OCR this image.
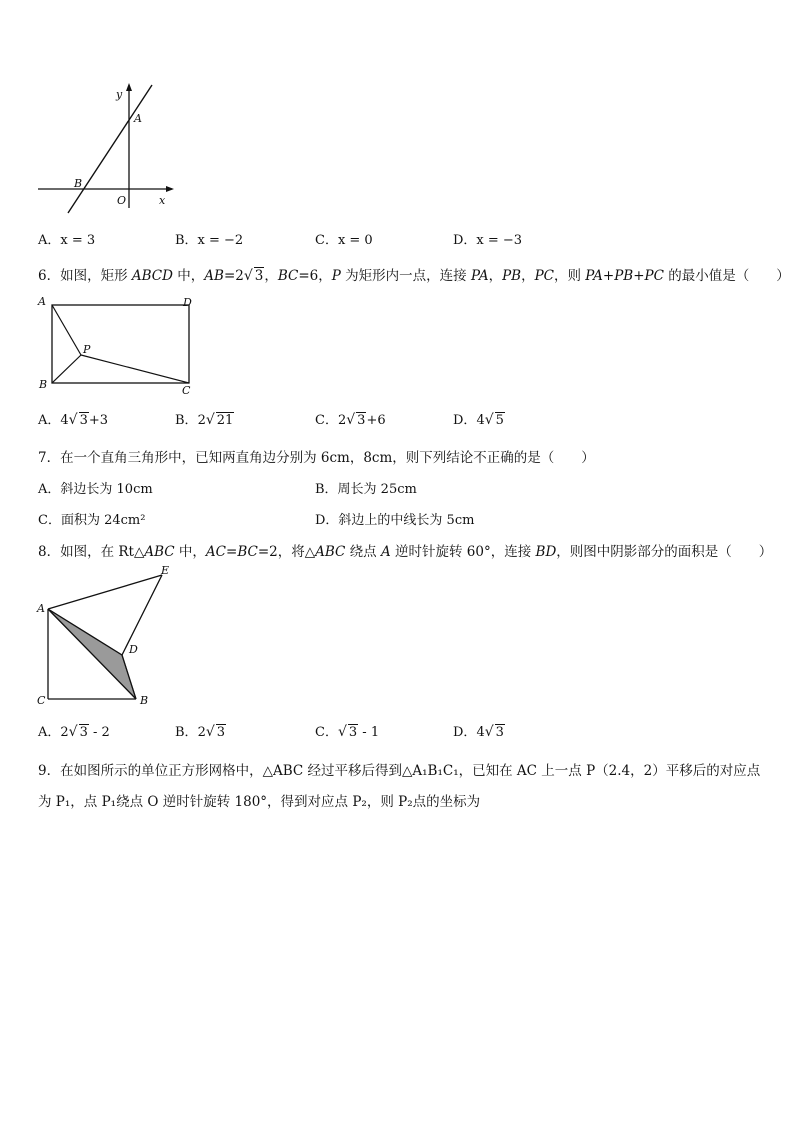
y
A
B
O	x
A．x = 3	B．x = −2	C．x = 0	D．x = −3
6．如图，矩形 ABCD 中，AB=2√ 3，BC=6，P 为矩形内一点，连接 PA，PB，PC，则 PA+PB+PC 的最小值是（　　）
A	D
P
B	C
A．4√ 3+3	B．2√ 21	C．2√ 3+6	D．4√ 5
7．在一个直角三角形中，已知两直角边分别为 6cm，8cm，则下列结论不正确的是（　　）
A．斜边长为 10cm	B．周长为 25cm
C．面积为 24cm²	D．斜边上的中线长为 5cm
8．如图，在 Rt△ABC 中，AC=BC=2，将△ABC 绕点 A 逆时针旋转 60°，连接 BD，则图中阴影部分的面积是（　　）
E
A
D
C	B
A．2√ 3 - 2	B．2√ 3	C．√ 3 - 1	D．4√ 3
9．在如图所示的单位正方形网格中，△ABC 经过平移后得到△A₁B₁C₁，已知在 AC 上一点 P（2.4，2）平移后的对应点
为 P₁，点 P₁绕点 O 逆时针旋转 180°，得到对应点 P₂，则 P₂点的坐标为
